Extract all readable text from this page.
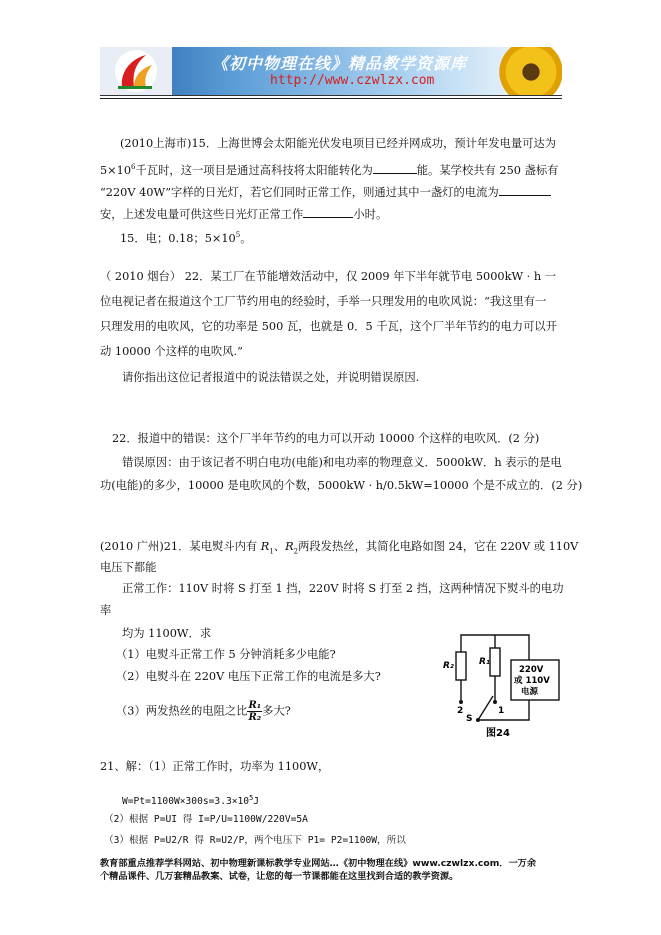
《初中物理在线》精品教学资源库
http://www.czwlzx.com
(2010上海市)15．上海世博会太阳能光伏发电项目已经并网成功，预计年发电量可达为
$5\times 10^6$千瓦时，这一项目是通过高科技将太阳能转化为	能。某学校共有 250 盏标有
“220V 40W”字样的日光灯，若它们同时正常工作，则通过其中一盏灯的电流为
安，上述发电量可供这些日光灯正常工作	小时。
15．电；0.18；$5\times 10^5$。
（ 2010 烟台） 22．某工厂在节能增效活动中，仅 2009 年下半年就节电 5000kW · h 一
位电视记者在报道这个工厂节约用电的经验时，手举一只理发用的电吹风说：“我这里有一
只理发用的电吹风，它的功率是 500 瓦，也就是 0．5 千瓦，这个厂半年节约的电力可以开
动 10000 个这样的电吹风.”
请你指出这位记者报道中的说法错误之处，并说明错误原因.
22．报道中的错误：这个厂半年节约的电力可以开动 10000 个这样的电吹风．(2 分)
错误原因：由于该记者不明白电功(电能)和电功率的物理意义．5000kW．h 表示的是电
功(电能)的多少，10000 是电吹风的个数，5000kW · h/0.5kW=10000 个是不成立的．(2 分)
(2010 广州)21．某电熨斗内有 $R_1$、$R_2$两段发热丝，其简化电路如图 24，它在 220V 或 110V
电压下都能
正常工作：110V 时将 S 打至 1 挡，220V 时将 S 打至 2 挡，这两种情况下熨斗的电功
率
均为 1100W．求
（1）电熨斗正常工作 5 分钟消耗多少电能?
（2）电熨斗在 220V 电压下正常工作的电流是多大?
（3）两发热丝的电阻之比 $\frac{\text{R₁}}{\text{R₂}}$ 多大?
R₂	R₁
220V
或 110V
电源
2	1
S
图24
21、解：（1）正常工作时，功率为 1100W，
$W=Pt=1100W\times 300s=3.3\times 10^5J$
（2）根据 P=UI 得 I=P/U=1100W/220V=5A
（3）根据 P=U2/R 得 R=U2/P，两个电压下 P1= P2=1100W，所以
教育部重点推荐学科网站、初中物理新课标教学专业网站…《初中物理在线》www.czwlzx.com．一万余
个精品课件、几万套精品教案、试卷，让您的每一节课都能在这里找到合适的教学资源。
